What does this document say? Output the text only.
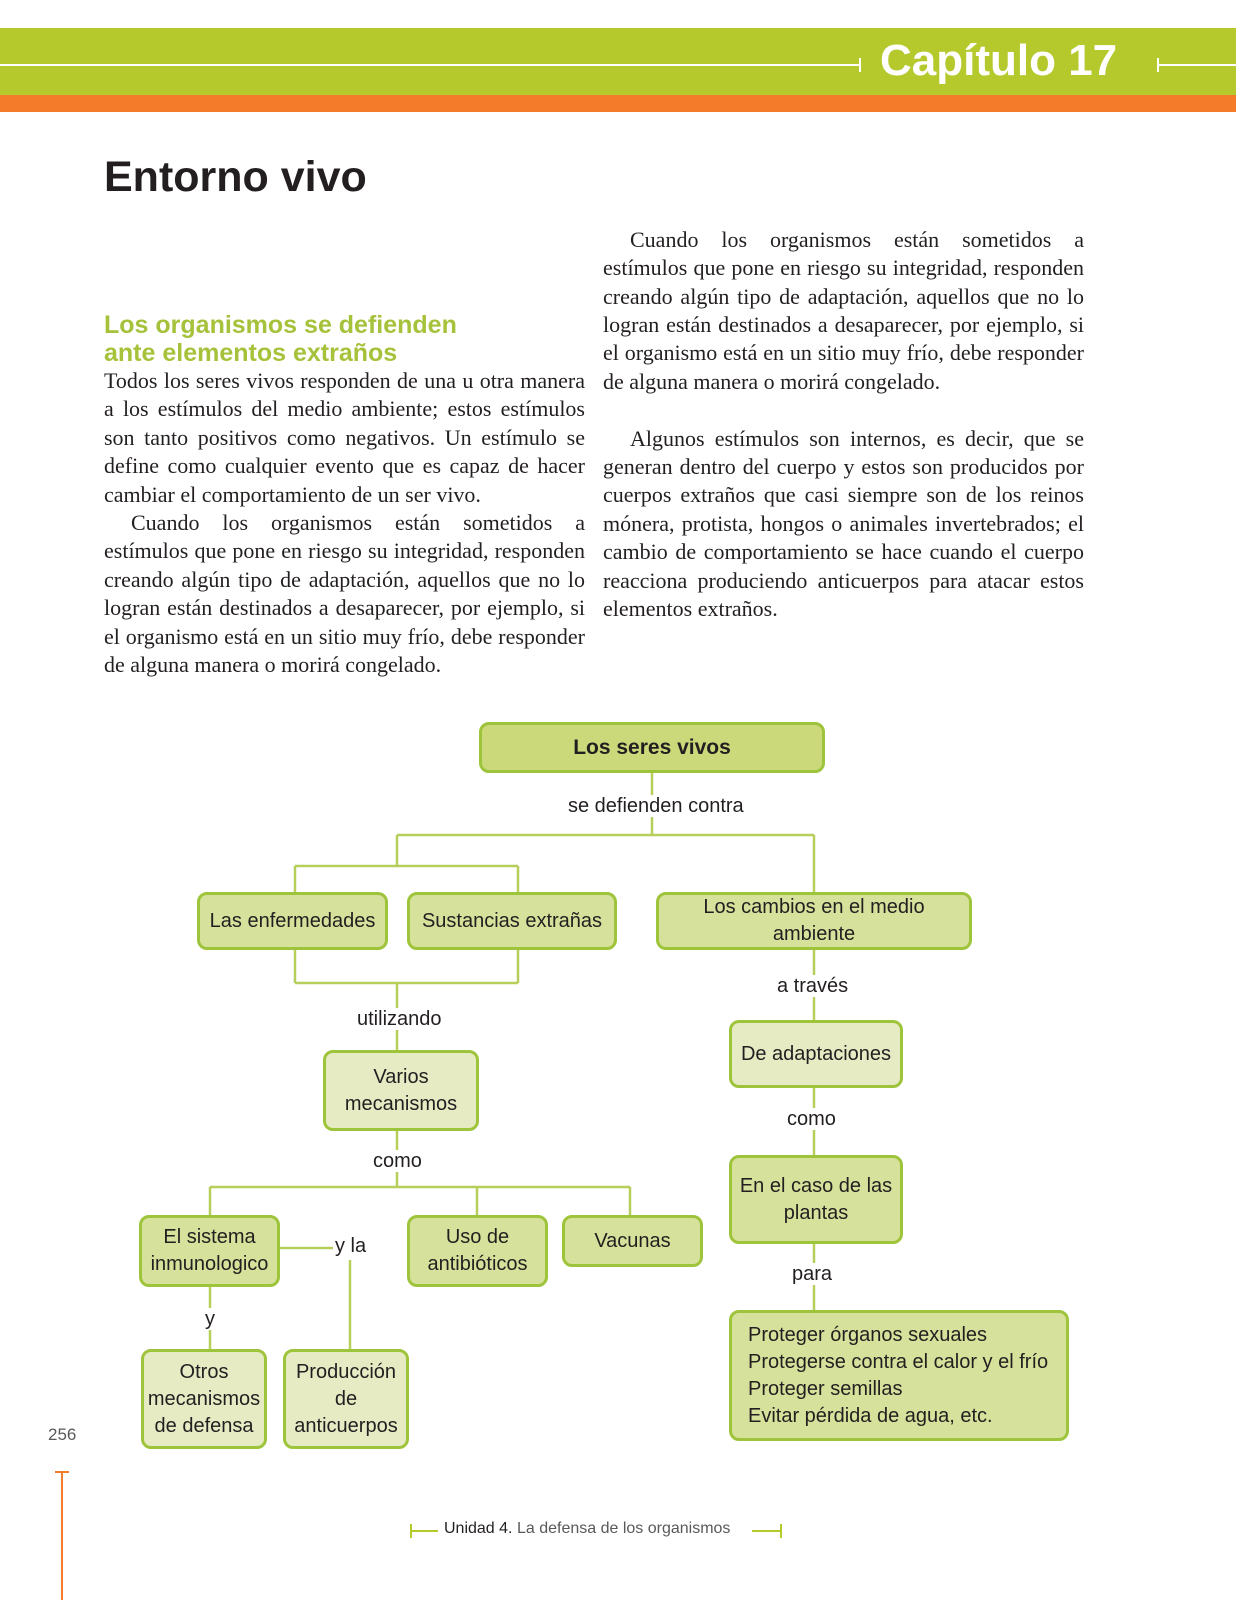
Capítulo 17
Entorno vivo

Los organismos se defienden

ante elementos extraños

Todos los seres vivos responden de una u otra manera a los estímulos del medio ambiente; estos estímulos son tanto positivos como negativos. Un estímulo se define como cualquier evento que es capaz de hacer cambiar el comportamiento de un ser vivo.

Cuando los organismos están sometidos a estímulos que pone en riesgo su integridad, responden creando algún tipo de adaptación, aquellos que no lo logran están destinados a desaparecer, por ejemplo, si el organismo está en un sitio muy frío, debe responder de alguna manera o morirá congelado.

Cuando los organismos están sometidos a estímulos que pone en riesgo su integridad, responden creando algún tipo de adaptación, aquellos que no lo logran están destinados a desaparecer, por ejemplo, si el organismo está en un sitio muy frío, debe responder de alguna manera o morirá congelado.

Algunos estímulos son internos, es decir, que se generan dentro del cuerpo y estos son producidos por cuerpos extraños que casi siempre son de los reinos mónera, protista, hongos o animales invertebrados; el cambio de comportamiento se hace cuando el cuerpo reacciona produciendo anticuerpos para atacar estos elementos extraños.

Los seres vivos
Las enfermedades	Sustancias extrañas
Los cambios en el medio ambiente
Varios mecanismos
De adaptaciones
En el caso de las plantas
El sistema inmunologico
Uso de antibióticos
Vacunas
Otros mecanismos de defensa
Producción de anticuerpos
Proteger órganos sexuales
Protegerse contra el calor y el frío
Proteger semillas
Evitar pérdida de agua, etc.
se defienden contra
utilizando
a través
como
como
y la
y
para
256
Unidad 4. La defensa de los organismos
